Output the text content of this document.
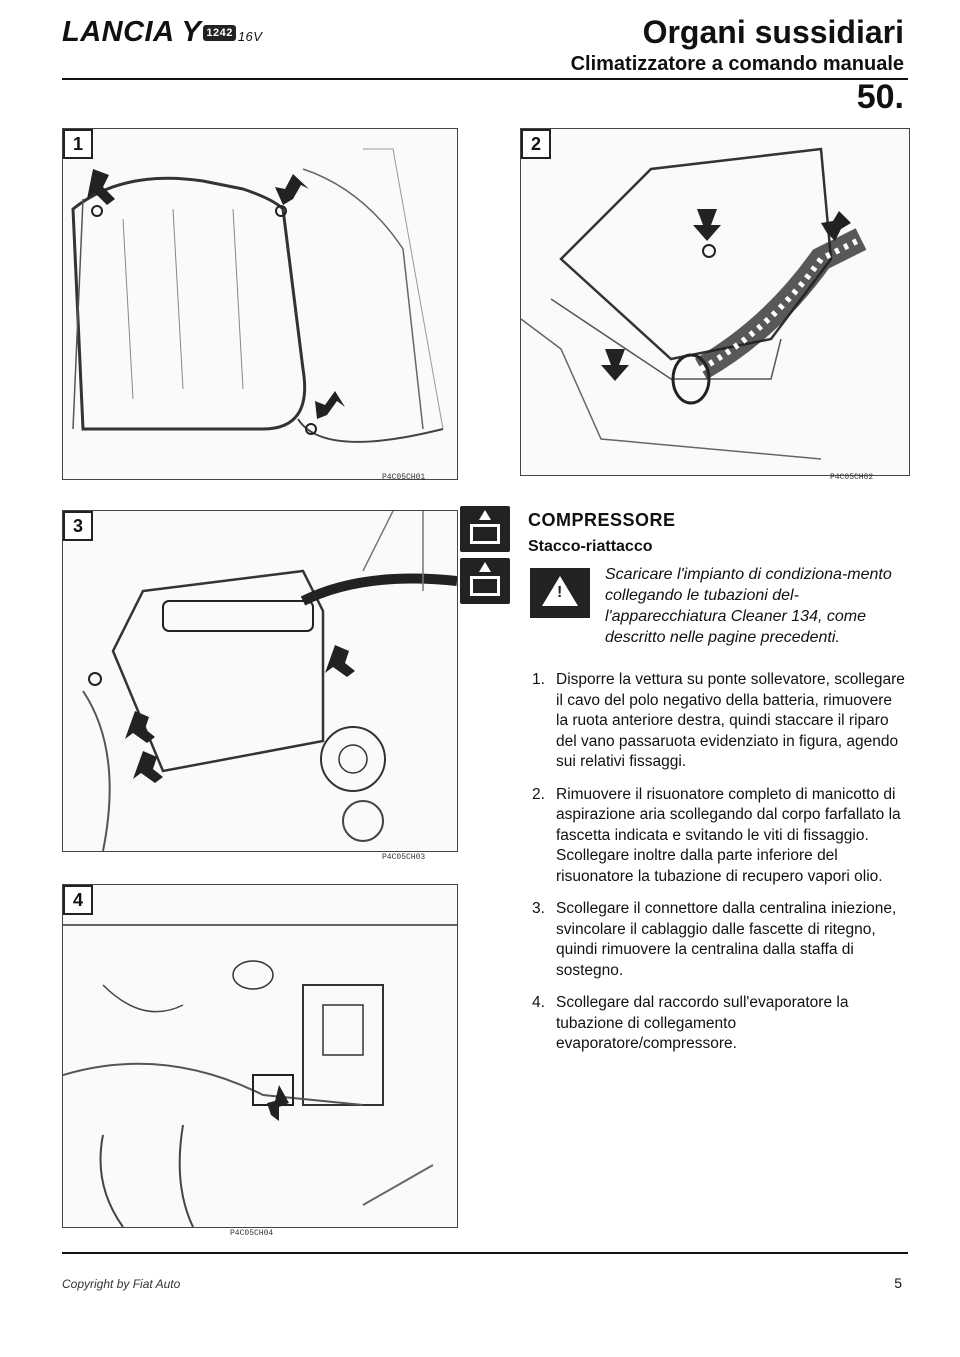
LANCIA Y 1242 16V	Organi sussidiari
Climatizzatore a comando manuale
50.
1
P4C05CH01
2
P4C05CH02
3
P4C05CH03
4
P4C05CH04
COMPRESSORE
Stacco-riattacco
!
Scaricare l'impianto di condiziona-mento collegando le tubazioni del-l'apparecchiatura Cleaner 134, come descritto nelle pagine precedenti.
1. Disporre la vettura su ponte sollevatore, scollegare il cavo del polo negativo della batteria, rimuovere la ruota anteriore destra, quindi staccare il riparo del vano passaruota evidenziato in figura, agendo sui relativi fissaggi.
2. Rimuovere il risuonatore completo di manicotto di aspirazione aria scollegando dal corpo farfallato la fascetta indicata e svitando le viti di fissaggio. Scollegare inoltre dalla parte inferiore del risuonatore la tubazione di recupero vapori olio.
3. Scollegare il connettore dalla centralina iniezione, svincolare il cablaggio dalle fascette di ritegno, quindi rimuovere la centralina dalla staffa di sostegno.
4. Scollegare dal raccordo sull'evaporatore la tubazione di collegamento evaporatore/compressore.
Copyright by Fiat Auto	5
